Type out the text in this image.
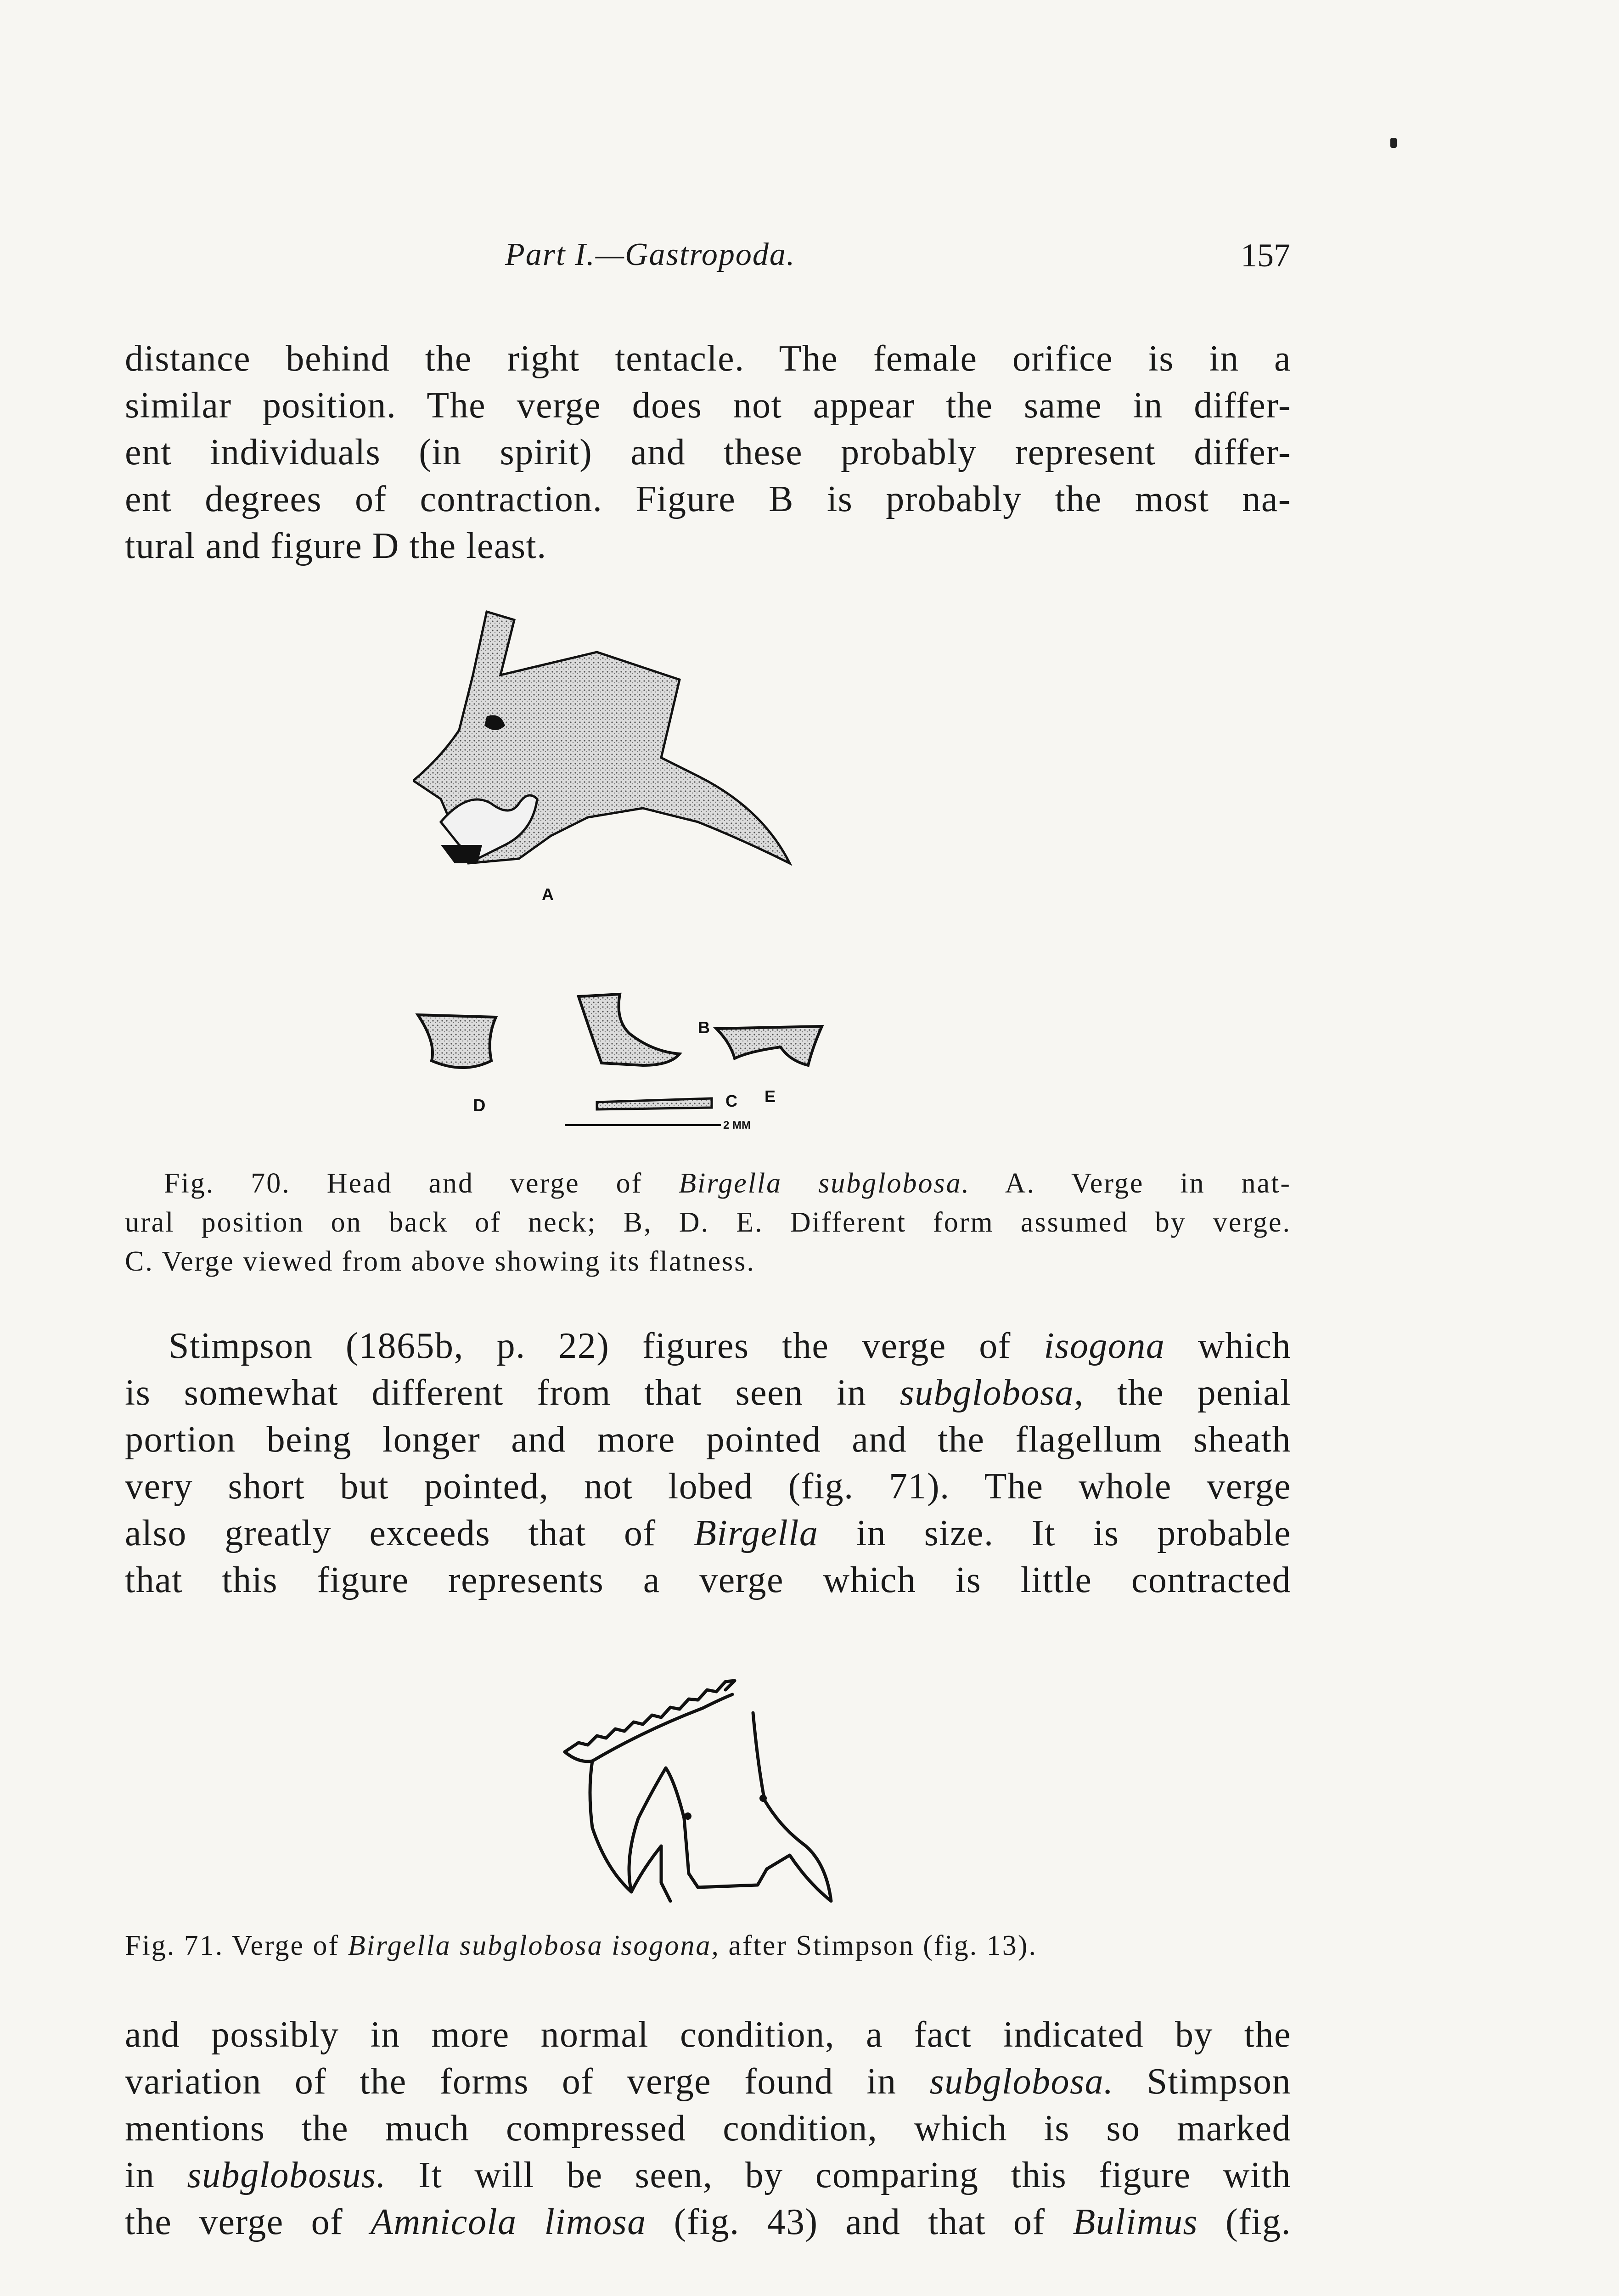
Part I.—Gastropoda.	157
distance behind the right tentacle. The female orifice is in a
similar position. The verge does not appear the same in differ-
ent individuals (in spirit) and these probably represent differ-
ent degrees of contraction. Figure B is probably the most na-
tural and figure D the least.
A
D
B
E
C
2 MM
Fig. 70. Head and verge of Birgella subglobosa. A. Verge in nat-
ural position on back of neck; B, D. E. Different form assumed by verge.
C. Verge viewed from above showing its flatness.
Stimpson (1865b, p. 22) figures the verge of isogona which
is somewhat different from that seen in subglobosa, the penial
portion being longer and more pointed and the flagellum sheath
very short but pointed, not lobed (fig. 71). The whole verge
also greatly exceeds that of Birgella in size. It is probable
that this figure represents a verge which is little contracted
Fig. 71. Verge of Birgella subglobosa isogona, after Stimpson (fig. 13).
and possibly in more normal condition, a fact indicated by the
variation of the forms of verge found in subglobosa. Stimpson
mentions the much compressed condition, which is so marked
in subglobosus. It will be seen, by comparing this figure with
the verge of Amnicola limosa (fig. 43) and that of Bulimus (fig.
